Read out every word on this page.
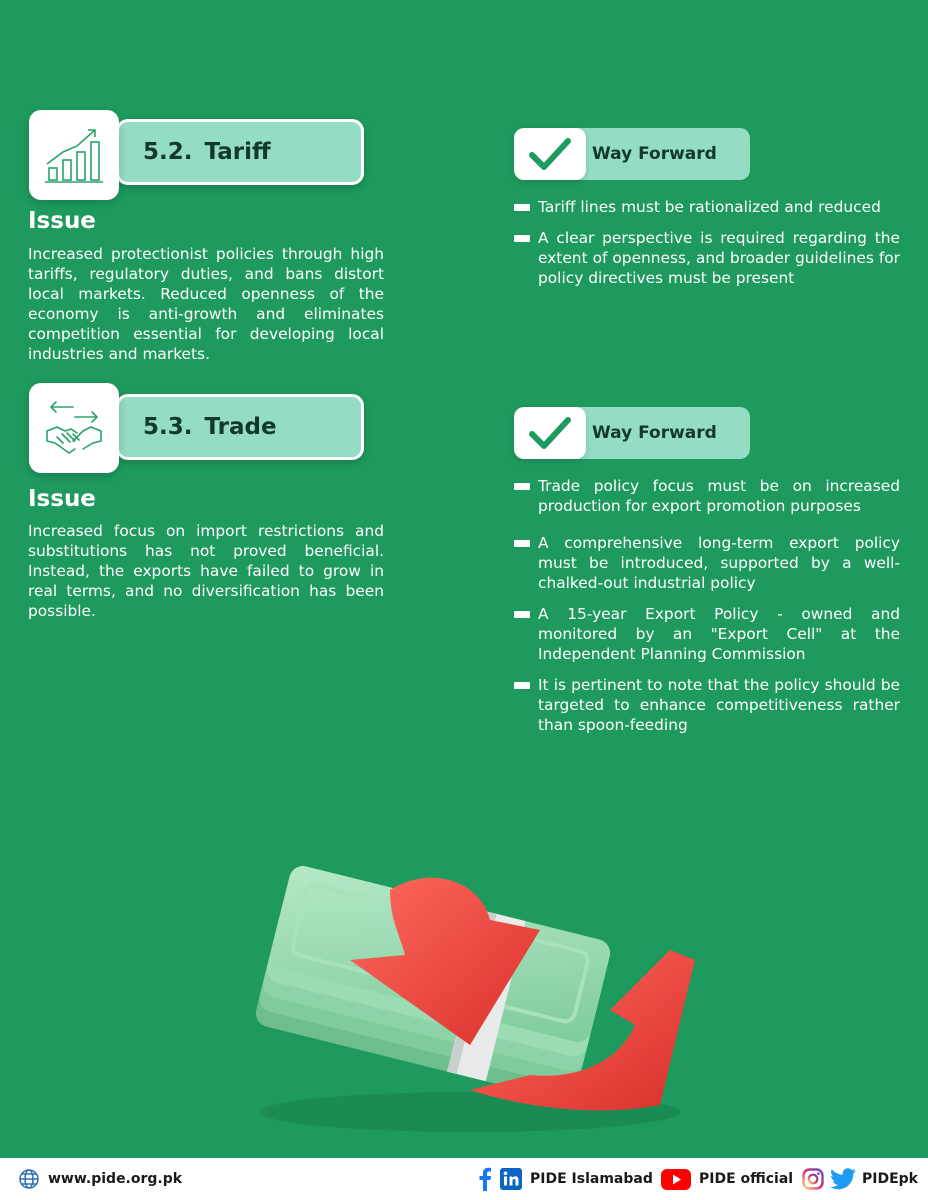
5.2. Tariff
Issue
Increased protectionist policies through high tariffs, regulatory duties, and bans distort local markets. Reduced openness of the economy is anti-growth and eliminates competition essential for developing local industries and markets.
Way Forward
Tariff lines must be rationalized and reduced
A clear perspective is required regarding the extent of openness, and broader guidelines for policy directives must be present
5.3. Trade
Issue
Increased focus on import restrictions and substitutions has not proved beneficial. Instead, the exports have failed to grow in real terms, and no diversification has been possible.
Way Forward
Trade policy focus must be on increased production for export promotion purposes
A comprehensive long-term export policy must be introduced, supported by a well-chalked-out industrial policy
A 15-year Export Policy - owned and monitored by an "Export Cell" at the Independent Planning Commission
It is pertinent to note that the policy should be targeted to enhance competitiveness rather than spoon-feeding
www.pide.org.pk	PIDE Islamabad	PIDE official	PIDEpk
